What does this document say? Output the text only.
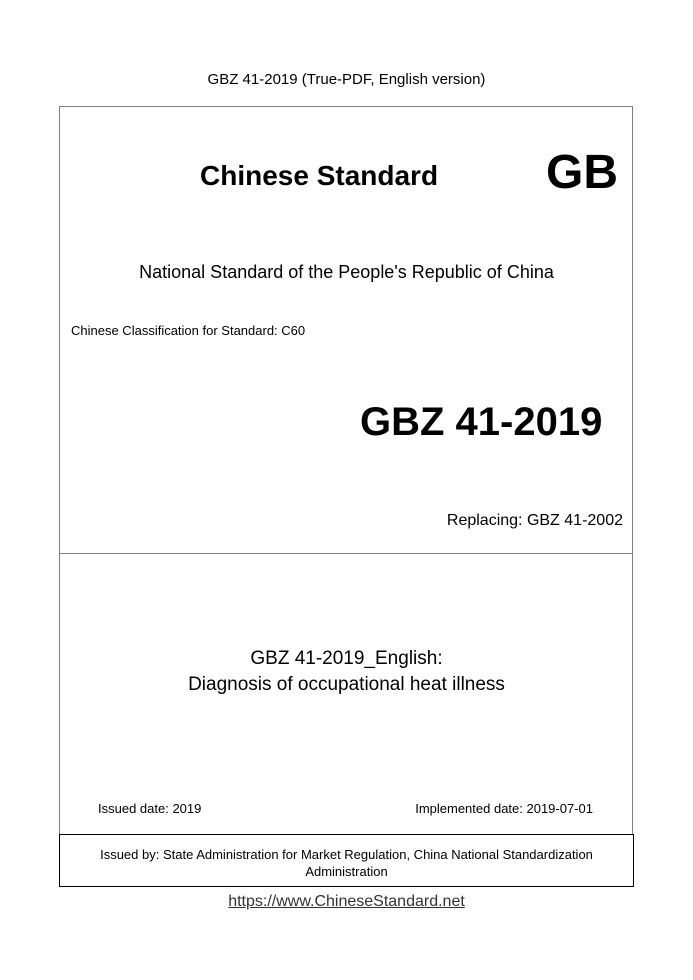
GBZ 41-2019 (True-PDF, English version)
Chinese Standard GB
National Standard of the People's Republic of China
Chinese Classification for Standard: C60
GBZ 41-2019
Replacing: GBZ 41-2002
GBZ 41-2019_English:
Diagnosis of occupational heat illness
Issued date: 2019	Implemented date: 2019-07-01
Issued by: State Administration for Market Regulation, China National Standardization
Administration
https://www.ChineseStandard.net
